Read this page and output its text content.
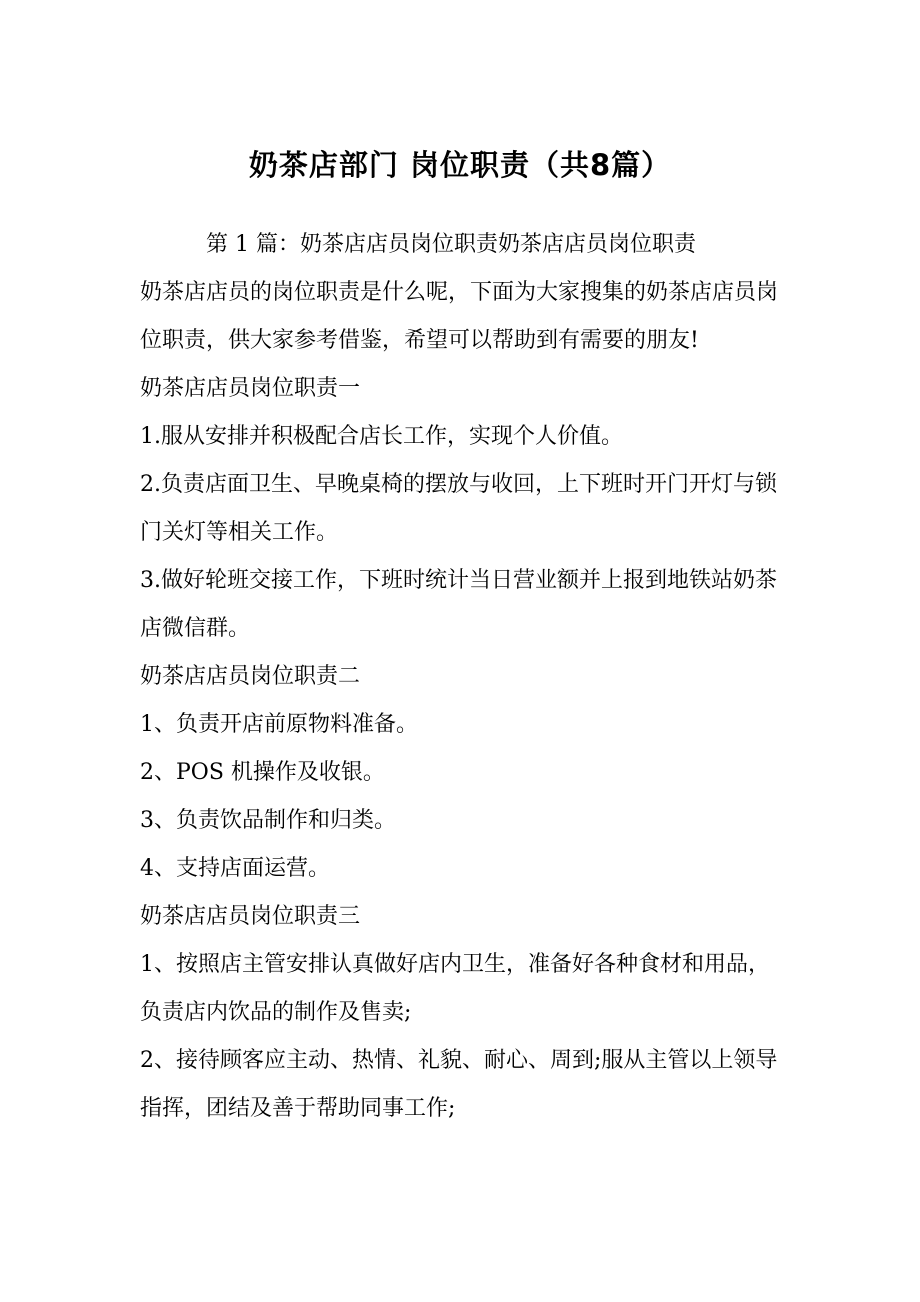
奶茶店部门 岗位职责（共8篇）

第 1 篇：奶茶店店员岗位职责奶茶店店员岗位职责

奶茶店店员的岗位职责是什么呢，下面为大家搜集的奶茶店店员岗位职责，供大家参考借鉴，希望可以帮助到有需要的朋友!

奶茶店店员岗位职责一

1.服从安排并积极配合店长工作，实现个人价值。

2.负责店面卫生、早晚桌椅的摆放与收回，上下班时开门开灯与锁门关灯等相关工作。

3.做好轮班交接工作，下班时统计当日营业额并上报到地铁站奶茶店微信群。

奶茶店店员岗位职责二

1、负责开店前原物料准备。

2、POS 机操作及收银。

3、负责饮品制作和归类。

4、支持店面运营。

奶茶店店员岗位职责三

1、按照店主管安排认真做好店内卫生，准备好各种食材和用品，负责店内饮品的制作及售卖;

2、接待顾客应主动、热情、礼貌、耐心、周到;服从主管以上领导指挥，团结及善于帮助同事工作;
